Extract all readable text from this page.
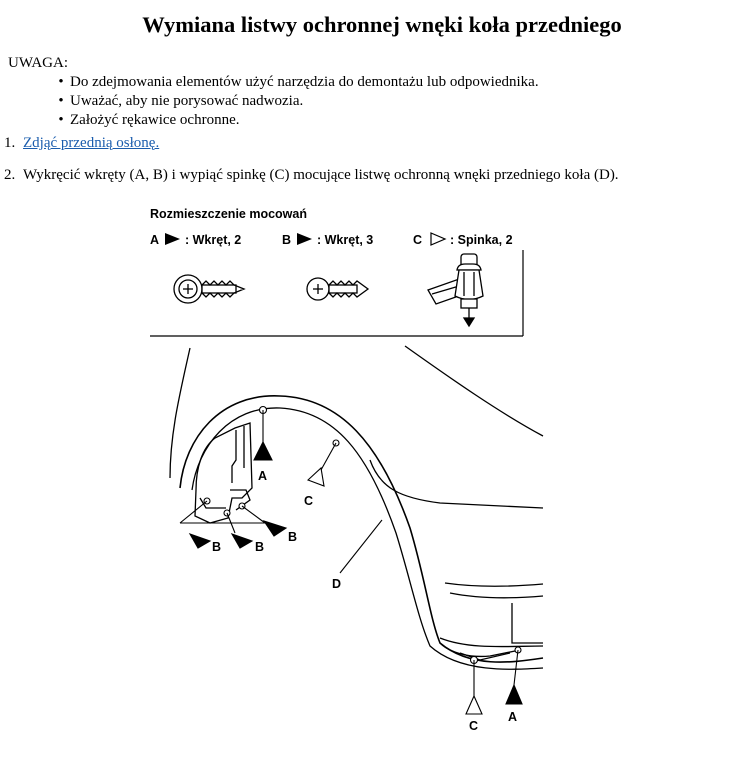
Wymiana listwy ochronnej wnęki koła przedniego

UWAGA:

• Do zdejmowania elementów użyć narzędzia do demontażu lub odpowiednika.
• Uważać, aby nie porysować nadwozia.
• Założyć rękawice ochronne.
1. Zdjąć przednią osłonę.
2. Wykręcić wkręty (A, B) i wypiąć spinkę (C) mocujące listwę ochronną wnęki przedniego koła (D).
Rozmieszczenie mocowań
A : Wkręt, 2	B : Wkręt, 3	C : Spinka, 2
A
C
B	B
B
D
C
A
